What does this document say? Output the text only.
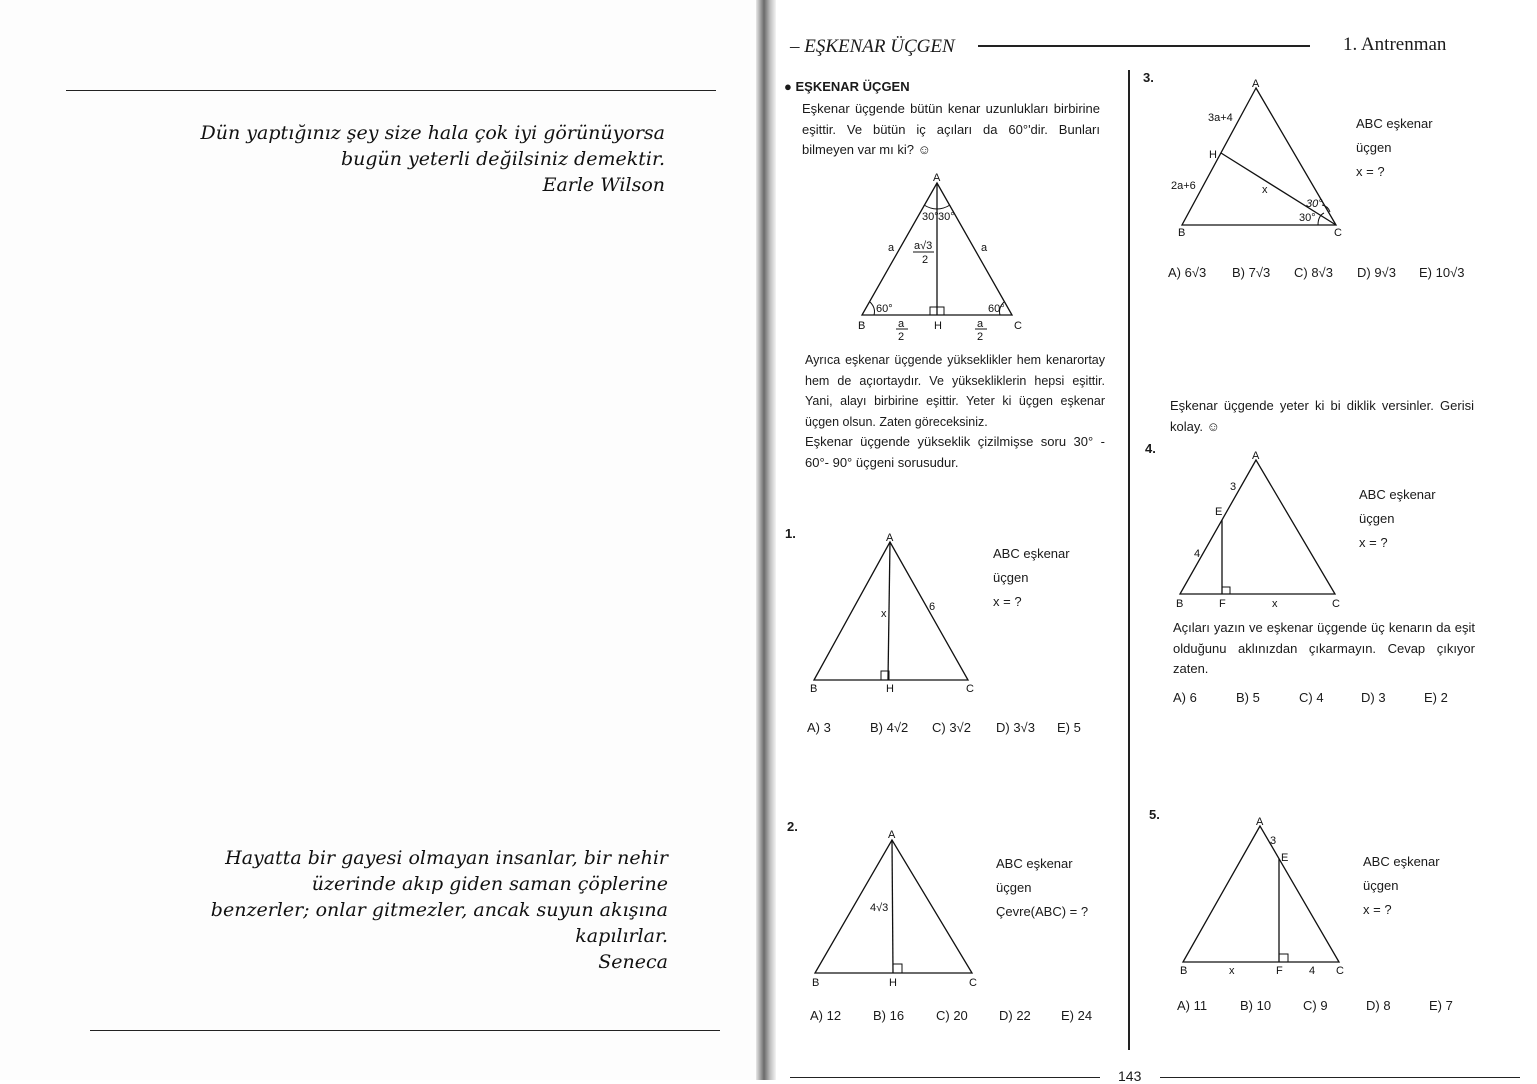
Dün yaptığınız şey size hala çok iyi görünüyorsa
bugün yeterli değilsiniz demektir.
Earle Wilson
Hayatta bir gayesi olmayan insanlar, bir nehir
üzerinde akıp giden saman çöplerine
benzerler; onlar gitmezler, ancak suyun akışına
kapılırlar.
Seneca
– EŞKENAR ÜÇGEN	1. Antrenman
● EŞKENAR ÜÇGEN
Eşkenar üçgende bütün kenar uzunlukları birbirine eşittir. Ve bütün iç açıları da 60°'dir. Bunları bilmeyen var mı ki? ☺
Ayrıca eşkenar üçgende yükseklikler hem kenarortay hem de açıortaydır. Ve yüksekliklerin hepsi eşittir. Yani, alayı birbirine eşittir. Yeter ki üçgen eşkenar üçgen olsun. Zaten göreceksiniz.
Eşkenar üçgende yükseklik çizilmişse soru 30° - 60°- 90° üçgeni sorusudur.
1.
ABC eşkenar
üçgen
x = ?
A) 3	B) 4√2	C) 3√2	D) 3√3	E) 5
2.
ABC eşkenar
üçgen
Çevre(ABC) = ?
A) 12	B) 16	C) 20	D) 22	E) 24
3.
ABC eşkenar
üçgen
x = ?
A) 6√3	B) 7√3	C) 8√3	D) 9√3	E) 10√3
Eşkenar üçgende yeter ki bi diklik versinler. Gerisi kolay. ☺
4.
ABC eşkenar
üçgen
x = ?
Açıları yazın ve eşkenar üçgende üç kenarın da eşit olduğunu aklınızdan çıkarmayın. Cevap çıkıyor zaten.
A) 6	B) 5	C) 4	D) 3	E) 2
5.
ABC eşkenar
üçgen
x = ?
A) 11	B) 10	C) 9	D) 8	E) 7
143
A
B	C
H
a	a
30° 30°
a√3
2
60°	60°
a
2
a
2
A
B	C
H
x
6
A
B	C
H
4√3
A
B	C
H
x
3a+4
2a+6
30°
30°
A
B	C
E
F	x
3
4
A
B	C
E
F
x
3
4
